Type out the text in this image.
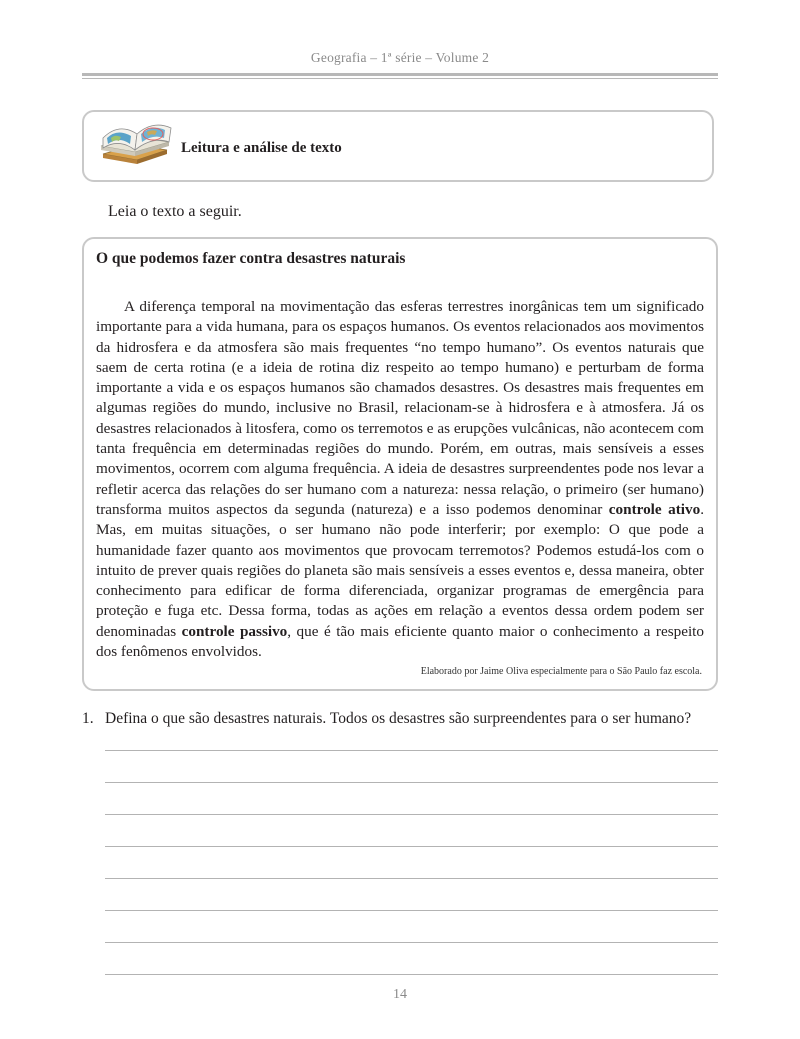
Geografia – 1ª série – Volume 2
Leitura e análise de texto
Leia o texto a seguir.
O que podemos fazer contra desastres naturais

A diferença temporal na movimentação das esferas terrestres inorgânicas tem um significado importante para a vida humana, para os espaços humanos. Os eventos relacionados aos movimentos da hidrosfera e da atmosfera são mais frequentes “no tempo humano”. Os eventos naturais que saem de certa rotina (e a ideia de rotina diz respeito ao tempo humano) e perturbam de forma importante a vida e os espaços humanos são chamados desastres. Os desastres mais frequentes em algumas regiões do mundo, inclusive no Brasil, relacionam-se à hidrosfera e à atmosfera. Já os desastres relacionados à litosfera, como os terremotos e as erupções vulcânicas, não acontecem com tanta frequência em determinadas regiões do mundo. Porém, em outras, mais sensíveis a esses movimentos, ocorrem com alguma frequência. A ideia de desastres surpreendentes pode nos levar a refletir acerca das relações do ser humano com a natureza: nessa relação, o primeiro (ser humano) transforma muitos aspectos da segunda (natureza) e a isso podemos denominar controle ativo. Mas, em muitas situações, o ser humano não pode interferir; por exemplo: O que pode a humanidade fazer quanto aos movimentos que provocam terremotos? Podemos estudá-los com o intuito de prever quais regiões do planeta são mais sensíveis a esses eventos e, dessa maneira, obter conhecimento para edificar de forma diferenciada, organizar programas de emergência para proteção e fuga etc. Dessa forma, todas as ações em relação a eventos dessa ordem podem ser denominadas controle passivo, que é tão mais eficiente quanto maior o conhecimento a respeito dos fenômenos envolvidos.

Elaborado por Jaime Oliva especialmente para o São Paulo faz escola.
1. Defina o que são desastres naturais. Todos os desastres são surpreendentes para o ser humano?
14
